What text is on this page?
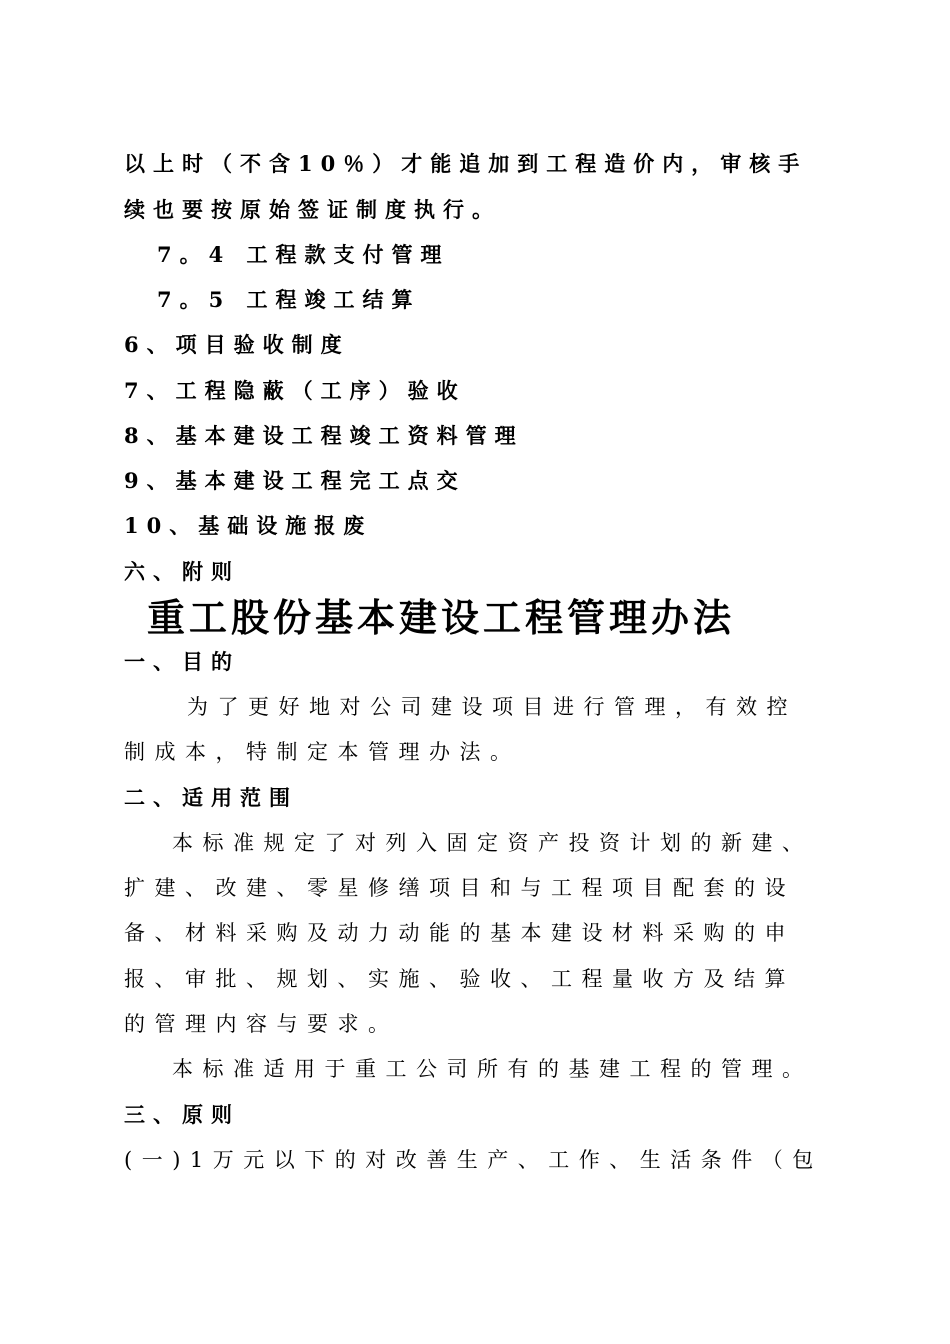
以上时（不含10％）才能追加到工程造价内，审核手
续也要按原始签证制度执行。
7。4 工程款支付管理
7。5 工程竣工结算
6、项目验收制度
7、工程隐蔽（工序）验收
8、基本建设工程竣工资料管理
9、基本建设工程完工点交
10、基础设施报废
六、附则
重工股份基本建设工程管理办法
一、目的
为了更好地对公司建设项目进行管理，有效控
制成本，特制定本管理办法。
二、适用范围
本标准规定了对列入固定资产投资计划的新建、
扩建、改建、零星修缮项目和与工程项目配套的设
备、材料采购及动力动能的基本建设材料采购的申
报、审批、规划、实施、验收、工程量收方及结算
的管理内容与要求。
本标准适用于重工公司所有的基建工程的管理。
三、原则
(一)1万元以下的对改善生产、工作、生活条件（包
